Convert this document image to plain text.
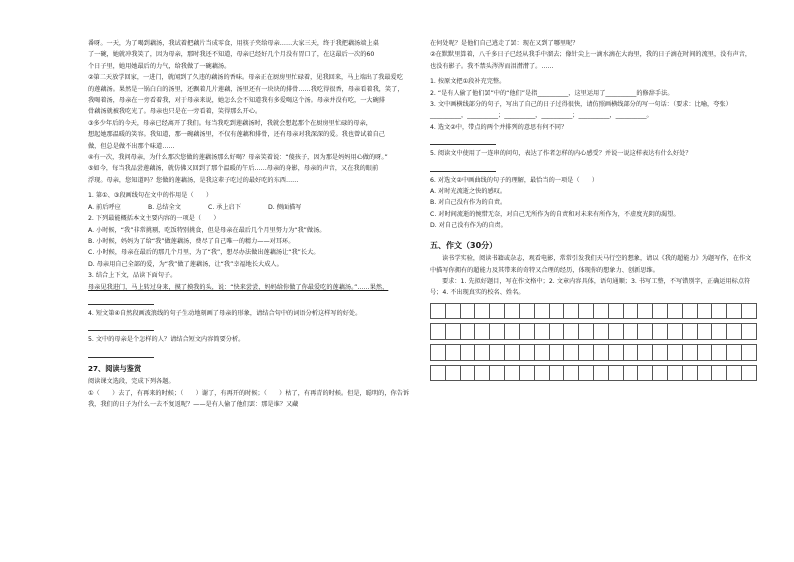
番呀。一天，为了喝到藕汤，我试着把藕片当成零食，用筷子夹给母亲……大家三天，终于我把藕汤端上桌

了一碗，她就冲我笑了，因为母亲，那时我还不知道，母亲已经好几个月没有胃口了，在这最后一次的60

个日子里，她用她最后的力气，给我做了一碗藕汤。

②第二天放学回家，一进门，就闻到了久违的藕汤的香味。母亲正在厨房里忙碌着，见我回来，马上端出了我最爱吃

的莲藕汤。果然是一锅白白的汤里，还飘着几片莲藕，汤里还有一块块的排骨……我吃得很香，母亲看着我，笑了，

我喝着汤，母亲在一旁看着我，对于母亲来说，她怎么会不知道我有多爱喝这个汤。母亲并没有吃，一大碗排

骨藕汤就被我吃光了。母亲也只是在一旁看着，笑得那么开心。

③多少年后的今天，母亲已经离开了我们。每当我吃到莲藕汤时，我就会想起那个在厨房里忙碌的母亲，

想起她那温暖的笑容。我知道，那一碗藕汤里，不仅有莲藕和排骨，还有母亲对我深深的爱。我也曾试着自己

做，但总是做不出那个味道……

④有一次，我问母亲，为什么那次您做的莲藕汤那么好喝？母亲笑着说：“傻孩子，因为那是妈妈用心做的呀。”

⑤如今，每当我品尝莲藕汤，就仿佛又回到了那个温暖的午后……母亲的身影，母亲的声音，又在我的眼前

浮现。母亲，您知道吗？您做的莲藕汤，是我这辈子吃过的最好吃的东西……

1. 第①、③段画线句在文中的作用是（　　）

A. 前后呼应	B. 总结全文	C. 承上启下	D. 侧面描写

2. 下列最能概括本文主要内容的一项是（　　）

A. 小时候，“我”非常挑剔，吃饭特别挑食，但是母亲在最后几个月里努力为“我”做汤。

B. 小时候，妈妈为了给“我”做莲藕汤，费尽了自己唯一的精力——对耳环。

C. 小时候，母亲在最后的那几个月里，为了“我”，想尽办法做出莲藕汤让“我”长大。

D. 母亲用自己全部的爱，为“我”做了莲藕汤，让“我”幸福地长大成人。

3. 结合上下文，品读下面句子。

母亲见我进门，马上转过身来，摸了摸我的头，说：“快来尝尝，妈妈给你做了你最爱吃的莲藕汤。”……果然，

4. 短文第④自然段画波浪线的句子生动地刻画了母亲的形象，请结合句中的词语分析这样写的好处。

5. 文中的母亲是个怎样的人？请结合短文内容简要分析。

27、阅读与鉴赏

阅读课文选段，完成下列各题。

①（　　）去了，有再来的时候；（　　）谢了，有再开的时候；（　　）枯了，有再青的时候。但是，聪明的，你告诉我，我们的日子为什么一去不复返呢？——是有人偷了他们罢：那是谁？又藏

在何处呢？是他们自己逃走了罢：现在又到了哪里呢？

②在默默里算着，八千多日子已经从我手中溜去；像针尖上一滴水滴在大海里，我的日子滴在时间的流里，没有声音，也没有影子。我不禁头涔涔而泪潸潸了。……

1. 按原文把①段补充完整。

2. “是有人偷了他们罢”中的“他们”是指__________，这里运用了__________的修辞手法。

3. 文中画横线部分的句子，写出了自己的日子过得很快，请仿照画横线部分的写一句话：（要求：比喻，夸张）

__________，__________；__________，__________；__________，__________。

4. 选文②中，带点的两个并排列的意思有何不同？

5. 阅读文中使用了一连串的问句，表达了作者怎样的内心感受？并说一说这样表达有什么好处？

6. 对选文②中画曲线的句子的理解，最恰当的一项是（　　）

A. 对时光流逝之快的感叹。

B. 对自己没有作为的自责。

C. 对时间流逝的惋惜无奈，对自己无所作为的自责和对未来有所作为，不虚度光阴的渴望。

D. 对自己没有作为的自责。

五、作文（30分）

读书学实验，阅读书籍或杂志，观看电影，常常引发我们天马行空的想象，请以《我的超能力》为题写作，在作文中描写你拥有的超能力及其带来的奇特又合理的经历，体现你的想象力、创新思维。

要求：1. 先拟好题目，写在作文格中；2. 文章内容具体，语句通顺；3. 书写工整，不写错别字，正确运用标点符号；4. 不出现真实的校名、姓名。
